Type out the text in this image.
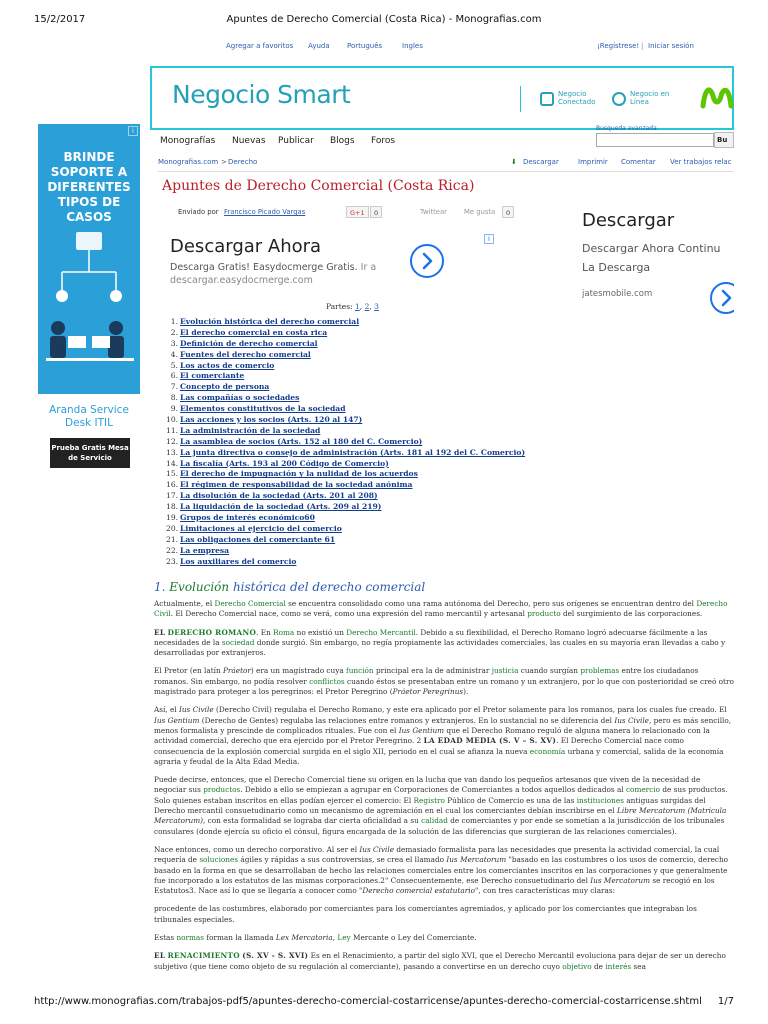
15/2/2017	Apuntes de Derecho Comercial (Costa Rica) - Monografias.com
Agregar a favoritos Ayuda Português	Ingles	¡Regístrese! | Iniciar sesión
Negocio Smart	Negocio Conectado
Negocio en Línea
i
BRINDE SOPORTE A DIFERENTES TIPOS DE CASOS
Aranda Service Desk ITIL
Prueba Gratis Mesa de Servicio
Monografías Nuevas Publicar Blogs Foros
Busqueda avanzada
Bu
Monografias.com > Derecho	⬇ Descargar	Imprimir Comentar Ver trabajos relac
Apuntes de Derecho Comercial (Costa Rica)
Enviado por Francisco Picado Vargas	G+1	0	Twittear	Me gusta	0
Descargar Ahora
Descarga Gratis! Easydocmerge Gratis. Ir a
descargar.easydocmerge.com
i
Descargar
Descargar Ahora Continu
La Descarga
jatesmobile.com
Partes: 1, 2, 3
1. Evolución histórica del derecho comercial
2. El derecho comercial en costa rica
3. Definición de derecho comercial
4. Fuentes del derecho comercial
5. Los actos de comercio
6. El comerciante
7. Concepto de persona
8. Las compañías o sociedades
9. Elementos constitutivos de la sociedad
10. Las acciones y los socios (Arts. 120 al 147)
11. La administración de la sociedad
12. La asamblea de socios (Arts. 152 al 180 del C. Comercio)
13. La junta directiva o consejo de administración (Arts. 181 al 192 del C. Comercio)
14. La fiscalía (Arts. 193 al 200 Código de Comercio)
15. El derecho de impugnación y la nulidad de los acuerdos
16. El régimen de responsabilidad de la sociedad anónima
17. La disolución de la sociedad (Arts. 201 al 208)
18. La liquidación de la sociedad (Arts. 209 al 219)
19. Grupos de interés económico60
20. Limitaciones al ejercicio del comercio
21. Las obligaciones del comerciante 61
22. La empresa
23. Los auxiliares del comercio
1. Evolución histórica del derecho comercial

Actualmente, el Derecho Comercial se encuentra consolidado como una rama autónoma del Derecho, pero sus orígenes se encuentran dentro del Derecho Civil. El Derecho Comercial nace, como se verá, como una expresión del ramo mercantil y artesanal producto del surgimiento de las corporaciones.

EL DERECHO ROMANO. En Roma no existió un Derecho Mercantil. Debido a su flexibilidad, el Derecho Romano logró adecuarse fácilmente a las necesidades de la sociedad donde surgió. Sin embargo, no regía propiamente las actividades comerciales, las cuales en su mayoría eran llevadas a cabo y desarrolladas por extranjeros.

El Pretor (en latín Práetor) era un magistrado cuya función principal era la de administrar justicia cuando surgían problemas entre los ciudadanos romanos. Sin embargo, no podía resolver conflictos cuando éstos se presentaban entre un romano y un extranjero, por lo que con posterioridad se creó otro magistrado para proteger a los peregrinos: el Pretor Peregrino (Práetor Peregrinus).

Así, el Ius Civile (Derecho Civil) regulaba el Derecho Romano, y este era aplicado por el Pretor solamente para los romanos, para los cuales fue creado. El Ius Gentium (Derecho de Gentes) regulaba las relaciones entre romanos y extranjeros. En lo sustancial no se diferencia del Ius Civile, pero es más sencillo, menos formalista y prescinde de complicados rituales. Fue con el Ius Gentium que el Derecho Romano reguló de alguna manera lo relacionado con la actividad comercial, derecho que era ejercido por el Pretor Peregrino. 2 LA EDAD MEDIA (S. V – S. XV). El Derecho Comercial nace como consecuencia de la explosión comercial surgida en el siglo XII, periodo en el cual se afianza la nueva economía urbana y comercial, salida de la economía agraria y feudal de la Alta Edad Media.

Puede decirse, entonces, que el Derecho Comercial tiene su origen en la lucha que van dando los pequeños artesanos que viven de la necesidad de negociar sus productos. Debido a ello se empiezan a agrupar en Corporaciones de Comerciantes a todos aquellos dedicados al comercio de sus productos. Solo quienes estaban inscritos en ellas podían ejercer el comercio: El Registro Público de Comercio es una de las instituciones antiguas surgidas del Derecho mercantil consuetudinario como un mecanismo de agremiación en el cual los comerciantes debían inscribirse en el Libre Mercatorum (Matricula Mercatorum), con esta formalidad se lograba dar cierta oficialidad a su calidad de comerciantes y por ende se sometían a la jurisdicción de los tribunales consulares (donde ejercía su oficio el cónsul, figura encargada de la solución de las diferencias que surgieran de las relaciones comerciales).

Nace entonces, como un derecho corporativo. Al ser el Ius Civile demasiado formalista para las necesidades que presenta la actividad comercial, la cual requería de soluciones ágiles y rápidas a sus controversias, se crea el llamado Ius Mercatorum "basado en las costumbres o los usos de comercio, derecho basado en la forma en que se desarrollaban de hecho las relaciones comerciales entre los comerciantes inscritos en las corporaciones y que generalmente fue incorporado a los estatutos de las mismas corporaciones.2" Consecuentemente, ese Derecho consuetudinario del Ius Mercatorum se recogió en los Estatutos3. Nace así lo que se llegaría a conocer como "Derecho comercial estatutario", con tres características muy claras:

procedente de las costumbres, elaborado por comerciantes para los comerciantes agremiados, y aplicado por los comerciantes que integraban los tribunales especiales.

Estas normas forman la llamada Lex Mercatoria, Ley Mercante o Ley del Comerciante.

EL RENACIMIENTO (S. XV - S. XVI) Es en el Renacimiento, a partir del siglo XVI, que el Derecho Mercantil evoluciona para dejar de ser un derecho subjetivo (que tiene como objeto de su regulación al comerciante), pasando a convertirse en un derecho cuyo objetivo de interés sea

http://www.monografias.com/trabajos-pdf5/apuntes-derecho-comercial-costarricense/apuntes-derecho-comercial-costarricense.shtml 1/7
